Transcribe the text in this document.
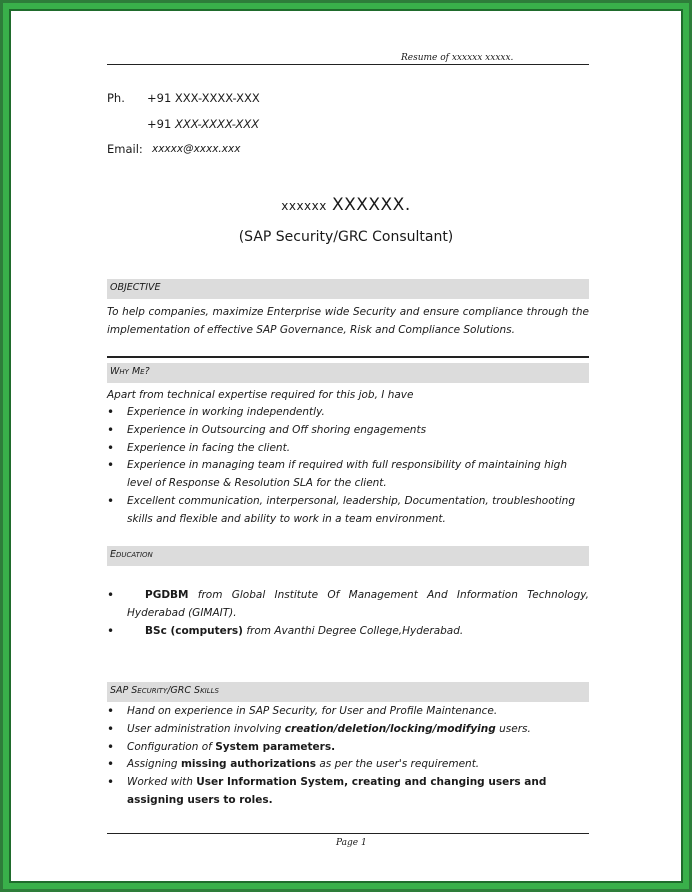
Resume of xxxxxx xxxxx.
Ph. +91 XXX-XXXX-XXX
+91 XXX-XXXX-XXX
Email: xxxxx@xxxx.xxx
xxxxxx XXXXXX.
(SAP Security/GRC Consultant)
OBJECTIVE
To help companies, maximize Enterprise wide Security and ensure compliance through the implementation of effective SAP Governance, Risk and Compliance Solutions.
Why Me?
Apart from technical expertise required for this job, I have
• Experience in working independently.
• Experience in Outsourcing and Off shoring engagements
• Experience in facing the client.
• Experience in managing team if required with full responsibility of maintaining high level of Response & Resolution SLA for the client.
• Excellent communication, interpersonal, leadership, Documentation, troubleshooting skills and flexible and ability to work in a team environment.
Education
•	PGDBM from Global Institute Of Management And Information Technology, Hyderabad (GIMAIT).
•	BSc (computers) from Avanthi Degree College,Hyderabad.
SAP Security/GRC Skills
• Hand on experience in SAP Security, for User and Profile Maintenance.
• User administration involving creation/deletion/locking/modifying users.
• Configuration of System parameters.
• Assigning missing authorizations as per the user's requirement.
• Worked with User Information System, creating and changing users and assigning users to roles.
Page 1
